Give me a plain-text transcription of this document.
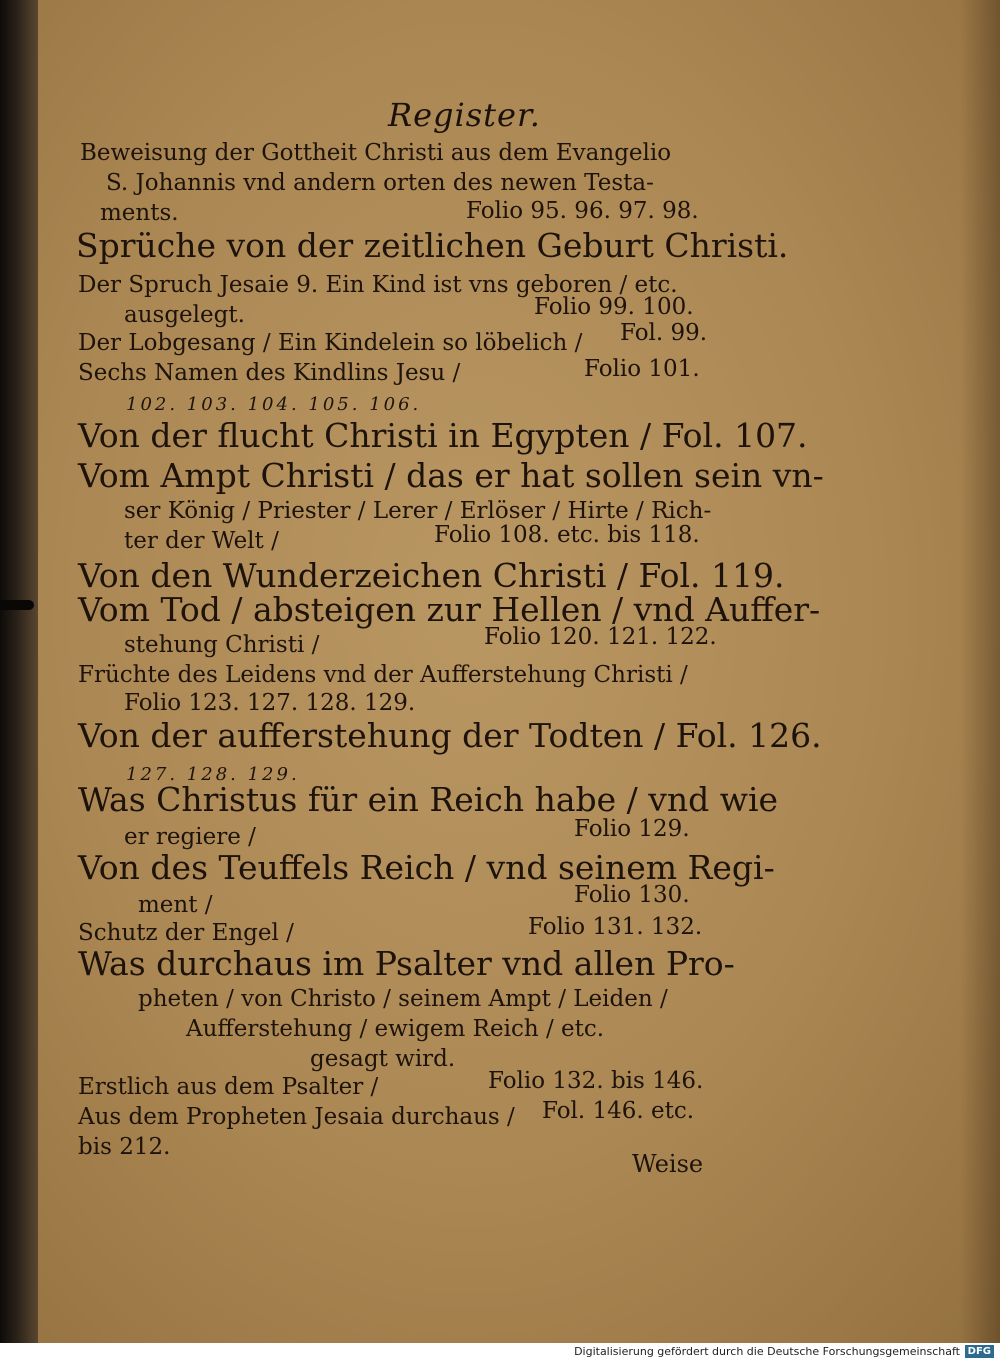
Register.
Beweisung der Gottheit Christi aus dem Evangelio
S. Johannis vnd andern orten des newen Testa-
ments.	Folio 95. 96. 97. 98.
Sprüche von der zeitlichen Geburt Christi.
Der Spruch Jesaie 9. Ein Kind ist vns geboren / etc.
ausgelegt.	Folio 99. 100.
Der Lobgesang / Ein Kindelein so löbelich / Fol. 99.
Sechs Namen des Kindlins Jesu /	Folio 101.
102. 103. 104. 105. 106.
Von der flucht Christi in Egypten / Fol. 107.
Vom Ampt Christi / das er hat sollen sein vn-
ser König / Priester / Lerer / Erlöser / Hirte / Rich-
ter der Welt /	Folio 108. etc. bis 118.
Von den Wunderzeichen Christi / Fol. 119.
Vom Tod / absteigen zur Hellen / vnd Auffer-
stehung Christi /	Folio 120. 121. 122.
Früchte des Leidens vnd der Aufferstehung Christi /
Folio 123. 127. 128. 129.
Von der aufferstehung der Todten / Fol. 126.
127. 128. 129.
Was Christus für ein Reich habe / vnd wie
er regiere /	Folio 129.
Von des Teuffels Reich / vnd seinem Regi-
ment /	Folio 130.
Schutz der Engel /	Folio 131. 132.
Was durchaus im Psalter vnd allen Pro-
pheten / von Christo / seinem Ampt / Leiden /
Aufferstehung / ewigem Reich / etc.
gesagt wird.
Erstlich aus dem Psalter /	Folio 132. bis 146.
Aus dem Propheten Jesaia durchaus / Fol. 146. etc.
bis 212.
Weise
Digitalisierung gefördert durch die Deutsche Forschungsgemeinschaft DFG
